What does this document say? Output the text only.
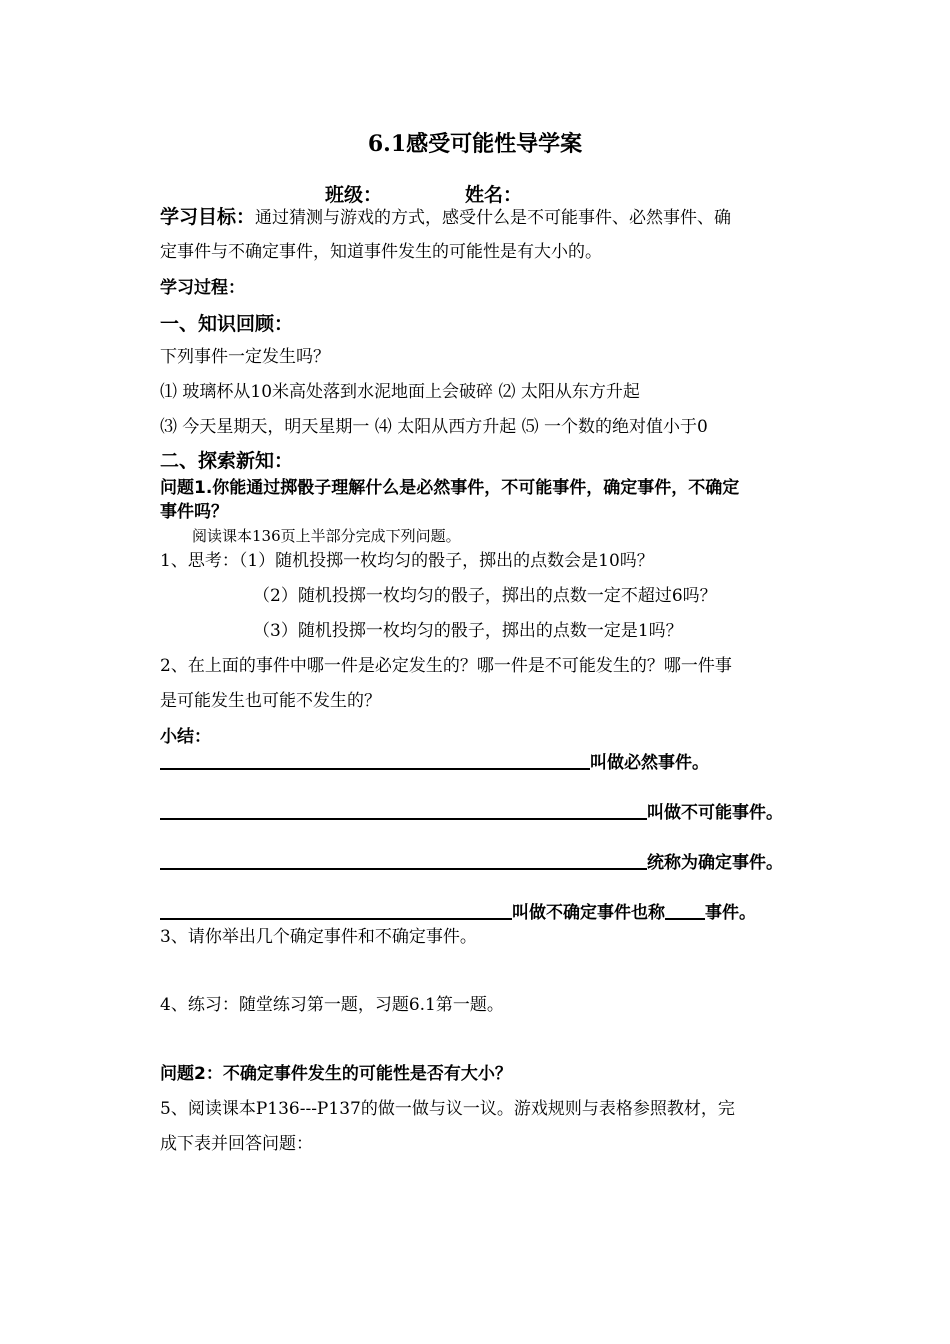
6.1感受可能性导学案
班级：	姓名：
学习目标：通过猜测与游戏的方式，感受什么是不可能事件、必然事件、确
定事件与不确定事件，知道事件发生的可能性是有大小的。
学习过程：
一、知识回顾：
下列事件一定发生吗？
⑴ 玻璃杯从10米高处落到水泥地面上会破碎 ⑵ 太阳从东方升起
⑶ 今天星期天，明天星期一 ⑷ 太阳从西方升起 ⑸ 一个数的绝对值小于0
二、探索新知：
问题1.你能通过掷骰子理解什么是必然事件，不可能事件，确定事件，不确定
事件吗？
阅读课本136页上半部分完成下列问题。
1、思考：（1）随机投掷一枚均匀的骰子，掷出的点数会是10吗？
（2）随机投掷一枚均匀的骰子，掷出的点数一定不超过6吗？
（3）随机投掷一枚均匀的骰子，掷出的点数一定是1吗？
2、在上面的事件中哪一件是必定发生的？哪一件是不可能发生的？哪一件事
是可能发生也可能不发生的？
小结：
叫做必然事件。
叫做不可能事件。
统称为确定事件。
叫做不确定事件也称 事件。
3、请你举出几个确定事件和不确定事件。
4、练习：随堂练习第一题，习题6.1第一题。
问题2：不确定事件发生的可能性是否有大小？
5、阅读课本P136---P137的做一做与议一议。游戏规则与表格参照教材，完
成下表并回答问题：
